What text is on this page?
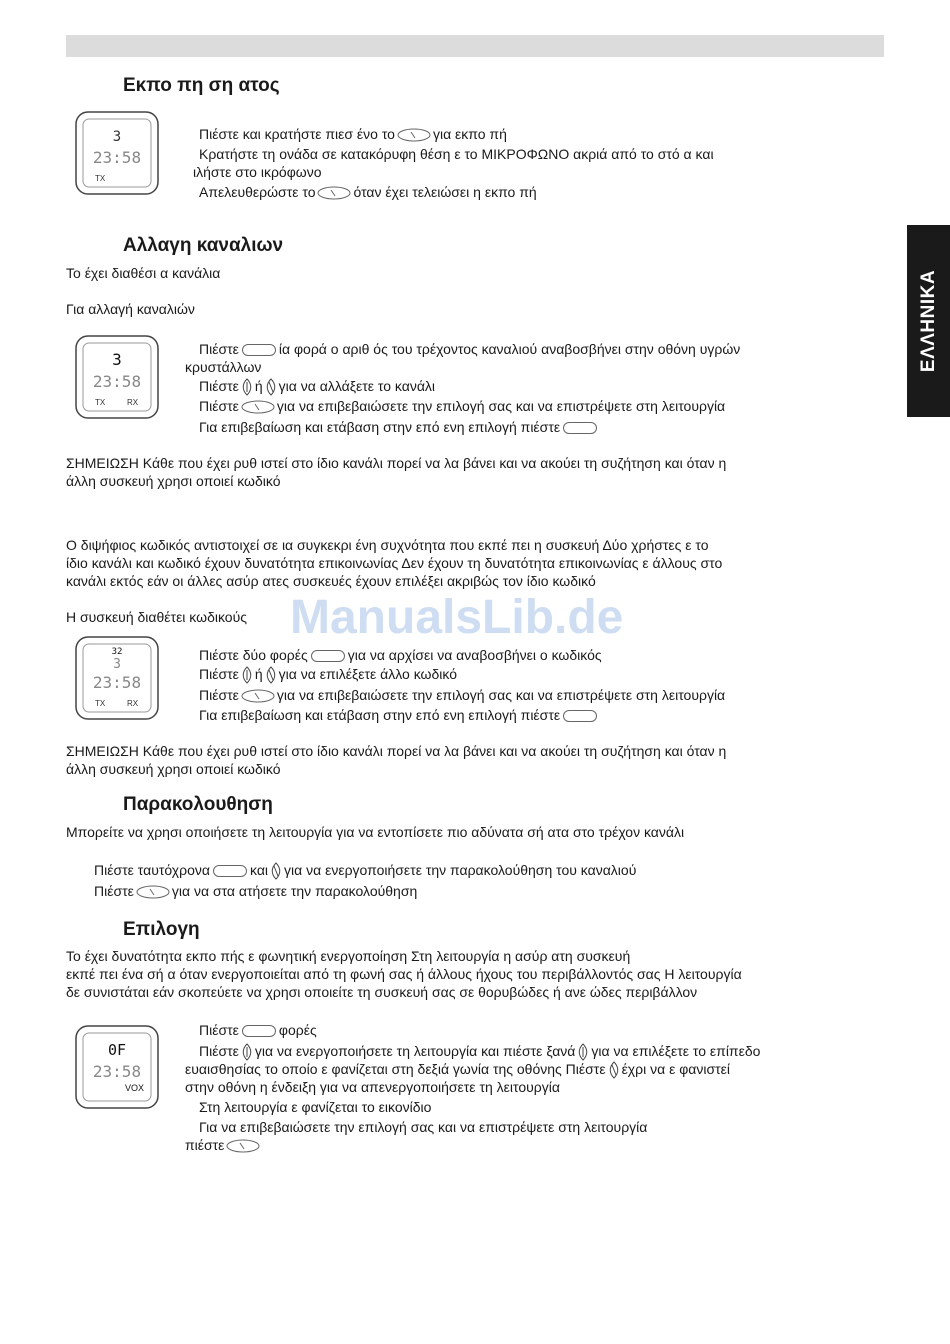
ΕΛΛΗΝΙΚΑ
Εκπο πη ση ατος
3
23:58
TX

Πιέστε και κρατήστε πιεσ ένο το	για εκπο πή

Κρατήστε τη ονάδα σε κατακόρυφη θέση ε το ΜΙΚΡΟΦΩΝΟ ακριά από το στό α και

ιλήστε στο ικρόφωνο

Απελευθερώστε το	όταν έχει τελειώσει η εκπο πή

Αλλαγη καναλιων

Το έχει διαθέσι α κανάλια

Για αλλαγή καναλιών

3
23:58
TX	RX

Πιέστε	ία φορά ο αριθ ός του τρέχοντος καναλιού αναβοσβήνει στην οθόνη υγρών

κρυστάλλων

Πιέστε ή για να αλλάξετε το κανάλι

Πιέστε	για να επιβεβαιώσετε την επιλογή σας και να επιστρέψετε στη λειτουργία

Για επιβεβαίωση και ετάβαση στην επό ενη επιλογή πιέστε

ΣΗΜΕΙΩΣΗ Κάθε που έχει ρυθ ιστεί στο ίδιο κανάλι πορεί να λα βάνει και να ακούει τη συζήτηση και όταν η

άλλη συσκευή χρησι οποιεί κωδικό

Ο διψήφιος κωδικός αντιστοιχεί σε ια συγκεκρι ένη συχνότητα που εκπέ πει η συσκευή Δύο χρήστες ε το

ίδιο κανάλι και κωδικό έχουν δυνατότητα επικοινωνίας Δεν έχουν τη δυνατότητα επικοινωνίας ε άλλους στο

κανάλι εκτός εάν οι άλλες ασύρ ατες συσκευές έχουν επιλέξει ακριβώς τον ίδιο κωδικό

Η συσκευή διαθέτει κωδικούς ManualsLib.de
32
3
23:58
TX	RX

Πιέστε δύο φορές	για να αρχίσει να αναβοσβήνει ο κωδικός

Πιέστε ή για να επιλέξετε άλλο κωδικό

Πιέστε	για να επιβεβαιώσετε την επιλογή σας και να επιστρέψετε στη λειτουργία

Για επιβεβαίωση και ετάβαση στην επό ενη επιλογή πιέστε

ΣΗΜΕΙΩΣΗ Κάθε που έχει ρυθ ιστεί στο ίδιο κανάλι πορεί να λα βάνει και να ακούει τη συζήτηση και όταν η

άλλη συσκευή χρησι οποιεί κωδικό

Παρακολουθηση

Μπορείτε να χρησι οποιήσετε τη λειτουργία για να εντοπίσετε πιο αδύνατα σή ατα στο τρέχον κανάλι

Πιέστε ταυτόχρονα	και για να ενεργοποιήσετε την παρακολούθηση του καναλιού

Πιέστε	για να στα ατήσετε την παρακολούθηση

Επιλογη

Το έχει δυνατότητα εκπο πής ε φωνητική ενεργοποίηση Στη λειτουργία η ασύρ ατη συσκευή

εκπέ πει ένα σή α όταν ενεργοποιείται από τη φωνή σας ή άλλους ήχους του περιβάλλοντός σας Η λειτουργία

δε συνιστάται εάν σκοπεύετε να χρησι οποιείτε τη συσκευή σας σε θορυβώδες ή ανε ώδες περιβάλλον

0F
23:58
VOX

Πιέστε	φορές

Πιέστε για να ενεργοποιήσετε τη λειτουργία και πιέστε ξανά για να επιλέξετε το επίπεδο

ευαισθησίας το οποίο ε φανίζεται στη δεξιά γωνία της οθόνης Πιέστε έχρι να ε φανιστεί

στην οθόνη η ένδειξη για να απενεργοποιήσετε τη λειτουργία

Στη λειτουργία ε φανίζεται το εικονίδιο

Για να επιβεβαιώσετε την επιλογή σας και να επιστρέψετε στη λειτουργία

πιέστε
